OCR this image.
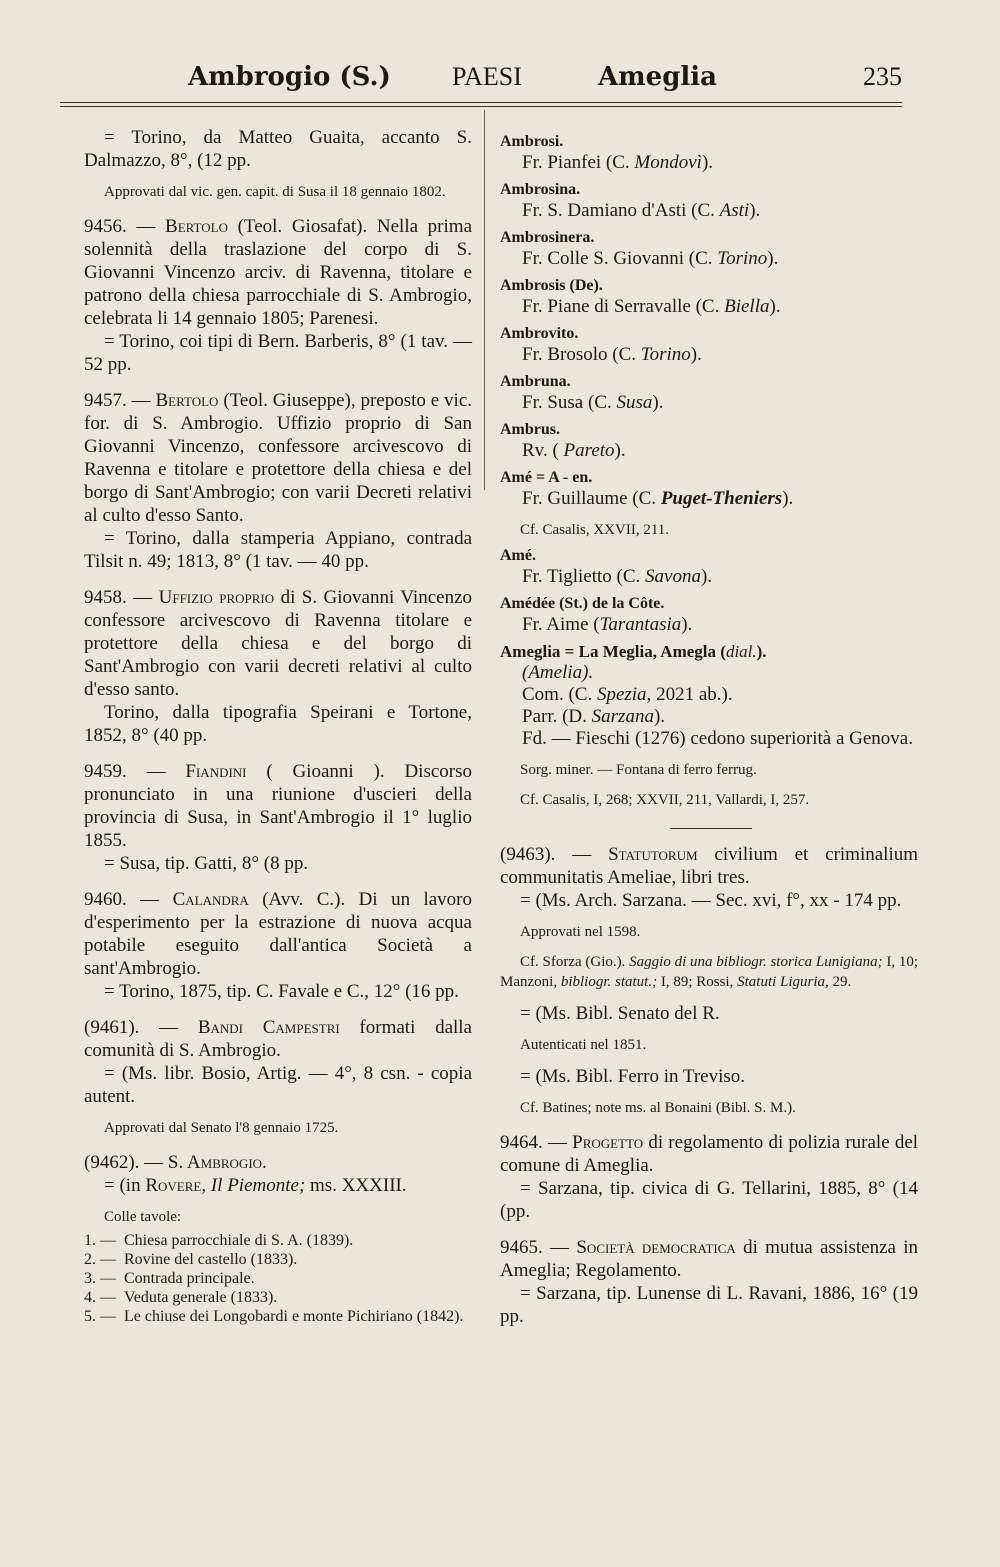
Ambrogio (S.) PAESI	Ameglia	235

= Torino, da Matteo Guaita, accanto S. Dalmazzo, 8°, (12 pp.

Approvati dal vic. gen. capit. di Susa il 18 gennaio 1802.

9456. — Bertolo (Teol. Giosafat). Nella prima solennità della traslazione del corpo di S. Giovanni Vincenzo arciv. di Ravenna, titolare e patrono della chiesa parrocchiale di S. Ambrogio, celebrata li 14 gennaio 1805; Parenesi.

= Torino, coi tipi di Bern. Barberis, 8° (1 tav. — 52 pp.

9457. — Bertolo (Teol. Giuseppe), preposto e vic. for. di S. Ambrogio. Uffizio proprio di San Giovanni Vincenzo, confessore arcivescovo di Ravenna e titolare e protettore della chiesa e del borgo di Sant'Ambrogio; con varii Decreti relativi al culto d'esso Santo.

= Torino, dalla stamperia Appiano, contrada Tilsit n. 49; 1813, 8° (1 tav. — 40 pp.

9458. — Uffizio proprio di S. Giovanni Vincenzo confessore arcivescovo di Ravenna titolare e protettore della chiesa e del borgo di Sant'Ambrogio con varii decreti relativi al culto d'esso santo.

Torino, dalla tipografia Speirani e Tortone, 1852, 8° (40 pp.

9459. — Fiandini ( Gioanni ). Discorso pronunciato in una riunione d'uscieri della provincia di Susa, in Sant'Ambrogio il 1° luglio 1855.

= Susa, tip. Gatti, 8° (8 pp.

9460. — Calandra (Avv. C.). Di un lavoro d'esperimento per la estrazione di nuova acqua potabile eseguito dall'antica Società a sant'Ambrogio.

= Torino, 1875, tip. C. Favale e C., 12° (16 pp.

(9461). — Bandi Campestri formati dalla comunità di S. Ambrogio.

= (Ms. libr. Bosio, Artig. — 4°, 8 csn. - copia autent.

Approvati dal Senato l'8 gennaio 1725.

(9462). — S. Ambrogio.

= (in Rovere, Il Piemonte; ms. XXXIII.

Colle tavole:

1. — Chiesa parrocchiale di S. A. (1839).
2. — Rovine del castello (1833).
3. — Contrada principale.
4. — Veduta generale (1833).
5. — Le chiuse dei Longobardi e monte Pichiriano (1842).
Ambrosi.
Fr. Pianfei (C. Mondovì).
Ambrosina.
Fr. S. Damiano d'Asti (C. Asti).
Ambrosinera.
Fr. Colle S. Giovanni (C. Torino).
Ambrosis (De).
Fr. Piane di Serravalle (C. Biella).
Ambrovito.
Fr. Brosolo (C. Torino).
Ambruna.
Fr. Susa (C. Susa).
Ambrus.
Rv. ( Pareto).
Amé = A - en.
Fr. Guillaume (C. Puget-Theniers).

Cf. Casalis, XXVII, 211.

Amé.
Fr. Tiglietto (C. Savona).
Amédée (St.) de la Côte.
Fr. Aime (Tarantasia).
Ameglia = La Meglia, Amegla (dial.).
(Amelia).
Com. (C. Spezia, 2021 ab.).
Parr. (D. Sarzana).
Fd. — Fieschi (1276) cedono superiorità a Genova.

Sorg. miner. — Fontana di ferro ferrug.

Cf. Casalis, I, 268; XXVII, 211, Vallardi, I, 257.

(9463). — Statutorum civilium et criminalium communitatis Ameliae, libri tres.

= (Ms. Arch. Sarzana. — Sec. xvi, f°, xx - 174 pp.

Approvati nel 1598.

Cf. Sforza (Gio.). Saggio di una bibliogr. storica Lunigiana; I, 10; Manzoni, bibliogr. statut.; I, 89; Rossi, Statuti Liguria, 29.

= (Ms. Bibl. Senato del R.

Autenticati nel 1851.

= (Ms. Bibl. Ferro in Treviso.

Cf. Batines; note ms. al Bonaini (Bibl. S. M.).

9464. — Progetto di regolamento di polizia rurale del comune di Ameglia.

= Sarzana, tip. civica di G. Tellarini, 1885, 8° (14 (pp.

9465. — Società democratica di mutua assistenza in Ameglia; Regolamento.

= Sarzana, tip. Lunense di L. Ravani, 1886, 16° (19 pp.
